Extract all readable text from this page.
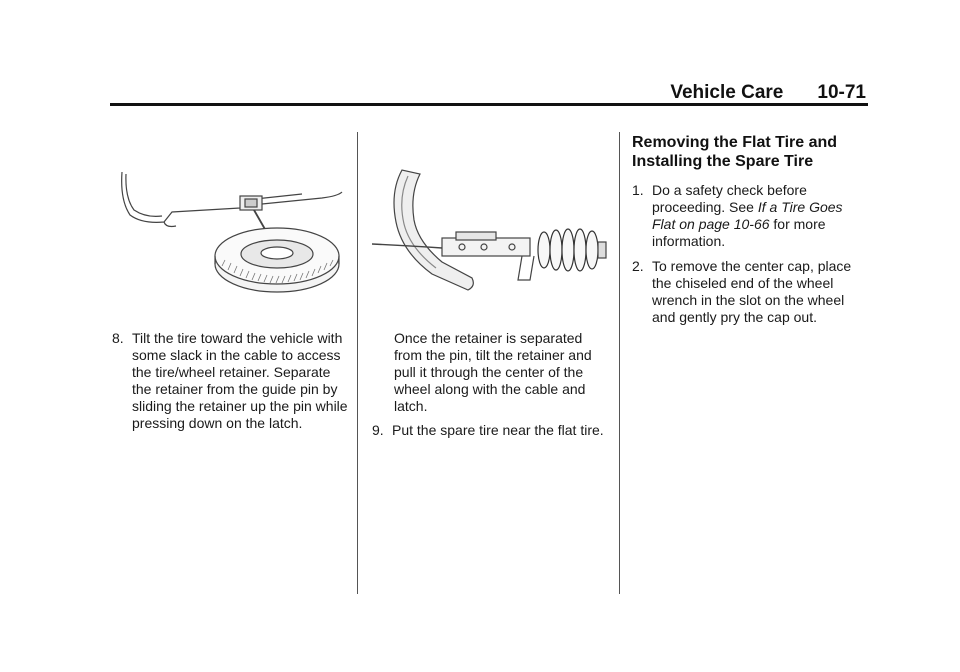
Vehicle Care 10-71
8. Tilt the tire toward the vehicle with some slack in the cable to access the tire/wheel retainer. Separate the retainer from the guide pin by sliding the retainer up the pin while pressing down on the latch.
Once the retainer is separated from the pin, tilt the retainer and pull it through the center of the wheel along with the cable and latch.
9. Put the spare tire near the flat tire.
Removing the Flat Tire and Installing the Spare Tire
1. Do a safety check before proceeding. See If a Tire Goes Flat on page 10-66 for more information.
2. To remove the center cap, place the chiseled end of the wheel wrench in the slot on the wheel and gently pry the cap out.
